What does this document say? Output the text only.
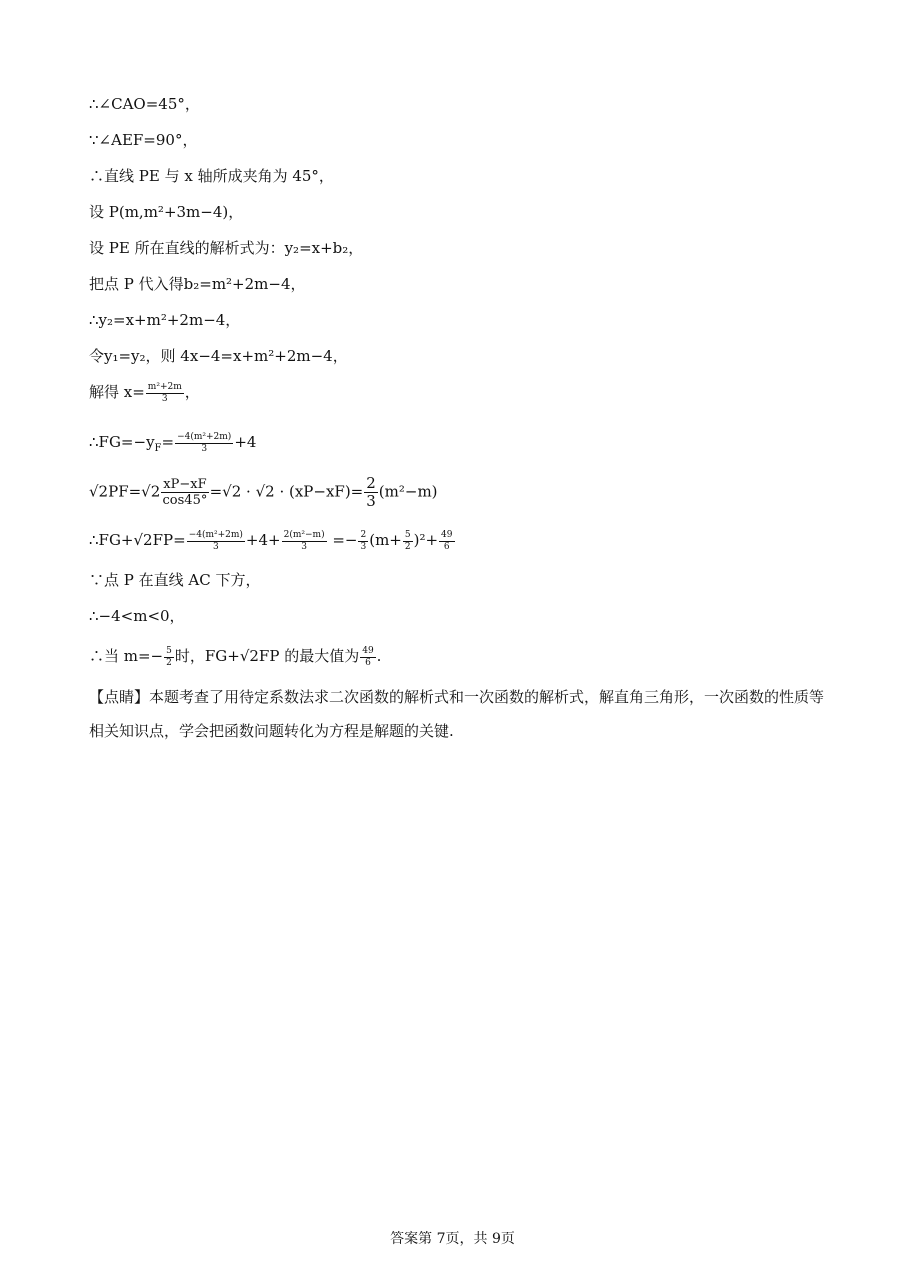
∴∠CAO=45°，
∵∠AEF=90°，
∴直线 PE 与 x 轴所成夹角为 45°，
设 P(m,m²+3m−4)，
设 PE 所在直线的解析式为：y₂=x+b₂，
把点 P 代入得b₂=m²+2m−4，
∴y₂=x+m²+2m−4，
令y₁=y₂，则 4x−4=x+m²+2m−4，
解得 $x= \frac{\text{m²+2m}}{3}$ ，
$\therefore FG=-y_F= \frac{\text{−4(m²+2m)}}{3} +4$
$√2PF=√2 \frac{xP-xF}{\cos 45^\circ} =√2 \cdot √2 \cdot (xP-xF)= \frac{2}{3} (m^2-m)$
∴FG+√2FP= $\frac{\text{−4(m²+2m)}}{3} +4+ \frac{\text{2(m²−m)}}{3} =- \frac{2}{3} (m+ \frac{5}{2} )^2+ \frac{49}{6}$
∵点 P 在直线 AC 下方，
∴−4<m<0，
∴当 $m=- \frac{5}{2}$ 时，FG+√2FP 的最大值为 $\frac{49}{6}$ .
【点睛】本题考查了用待定系数法求二次函数的解析式和一次函数的解析式，解直角三角形，一次函数的性质等相关知识点，学会把函数问题转化为方程是解题的关键.
答案第 7页，共 9页
